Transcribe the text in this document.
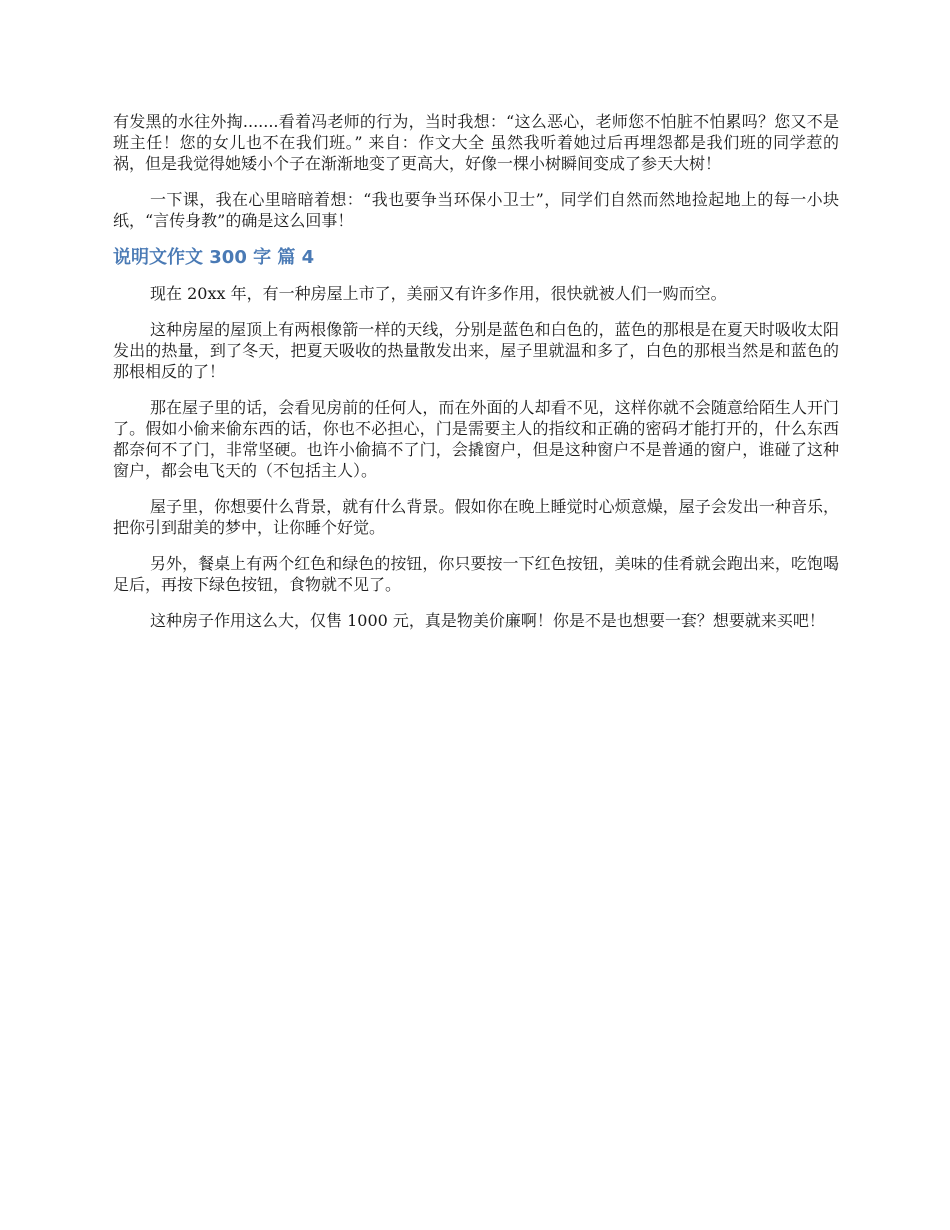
有发黑的水往外掏.......看着冯老师的行为，当时我想：“这么恶心，老师您不怕脏不怕累吗？您又不是班主任！您的女儿也不在我们班。” 来自：作文大全 虽然我听着她过后再埋怨都是我们班的同学惹的祸，但是我觉得她矮小个子在渐渐地变了更高大，好像一棵小树瞬间变成了参天大树！

一下课，我在心里暗暗着想：“我也要争当环保小卫士”，同学们自然而然地捡起地上的每一小块纸，“言传身教”的确是这么回事！

说明文作文 300 字 篇 4

现在 20xx 年，有一种房屋上市了，美丽又有许多作用，很快就被人们一购而空。

这种房屋的屋顶上有两根像箭一样的天线，分别是蓝色和白色的，蓝色的那根是在夏天时吸收太阳发出的热量，到了冬天，把夏天吸收的热量散发出来，屋子里就温和多了，白色的那根当然是和蓝色的那根相反的了！

那在屋子里的话，会看见房前的任何人，而在外面的人却看不见，这样你就不会随意给陌生人开门了。假如小偷来偷东西的话，你也不必担心，门是需要主人的指纹和正确的密码才能打开的，什么东西都奈何不了门，非常坚硬。也许小偷搞不了门，会撬窗户，但是这种窗户不是普通的窗户，谁碰了这种窗户，都会电飞天的（不包括主人）。

屋子里，你想要什么背景，就有什么背景。假如你在晚上睡觉时心烦意燥，屋子会发出一种音乐，把你引到甜美的梦中，让你睡个好觉。

另外，餐桌上有两个红色和绿色的按钮，你只要按一下红色按钮，美味的佳肴就会跑出来，吃饱喝足后，再按下绿色按钮，食物就不见了。

这种房子作用这么大，仅售 1000 元，真是物美价廉啊！你是不是也想要一套？想要就来买吧！
